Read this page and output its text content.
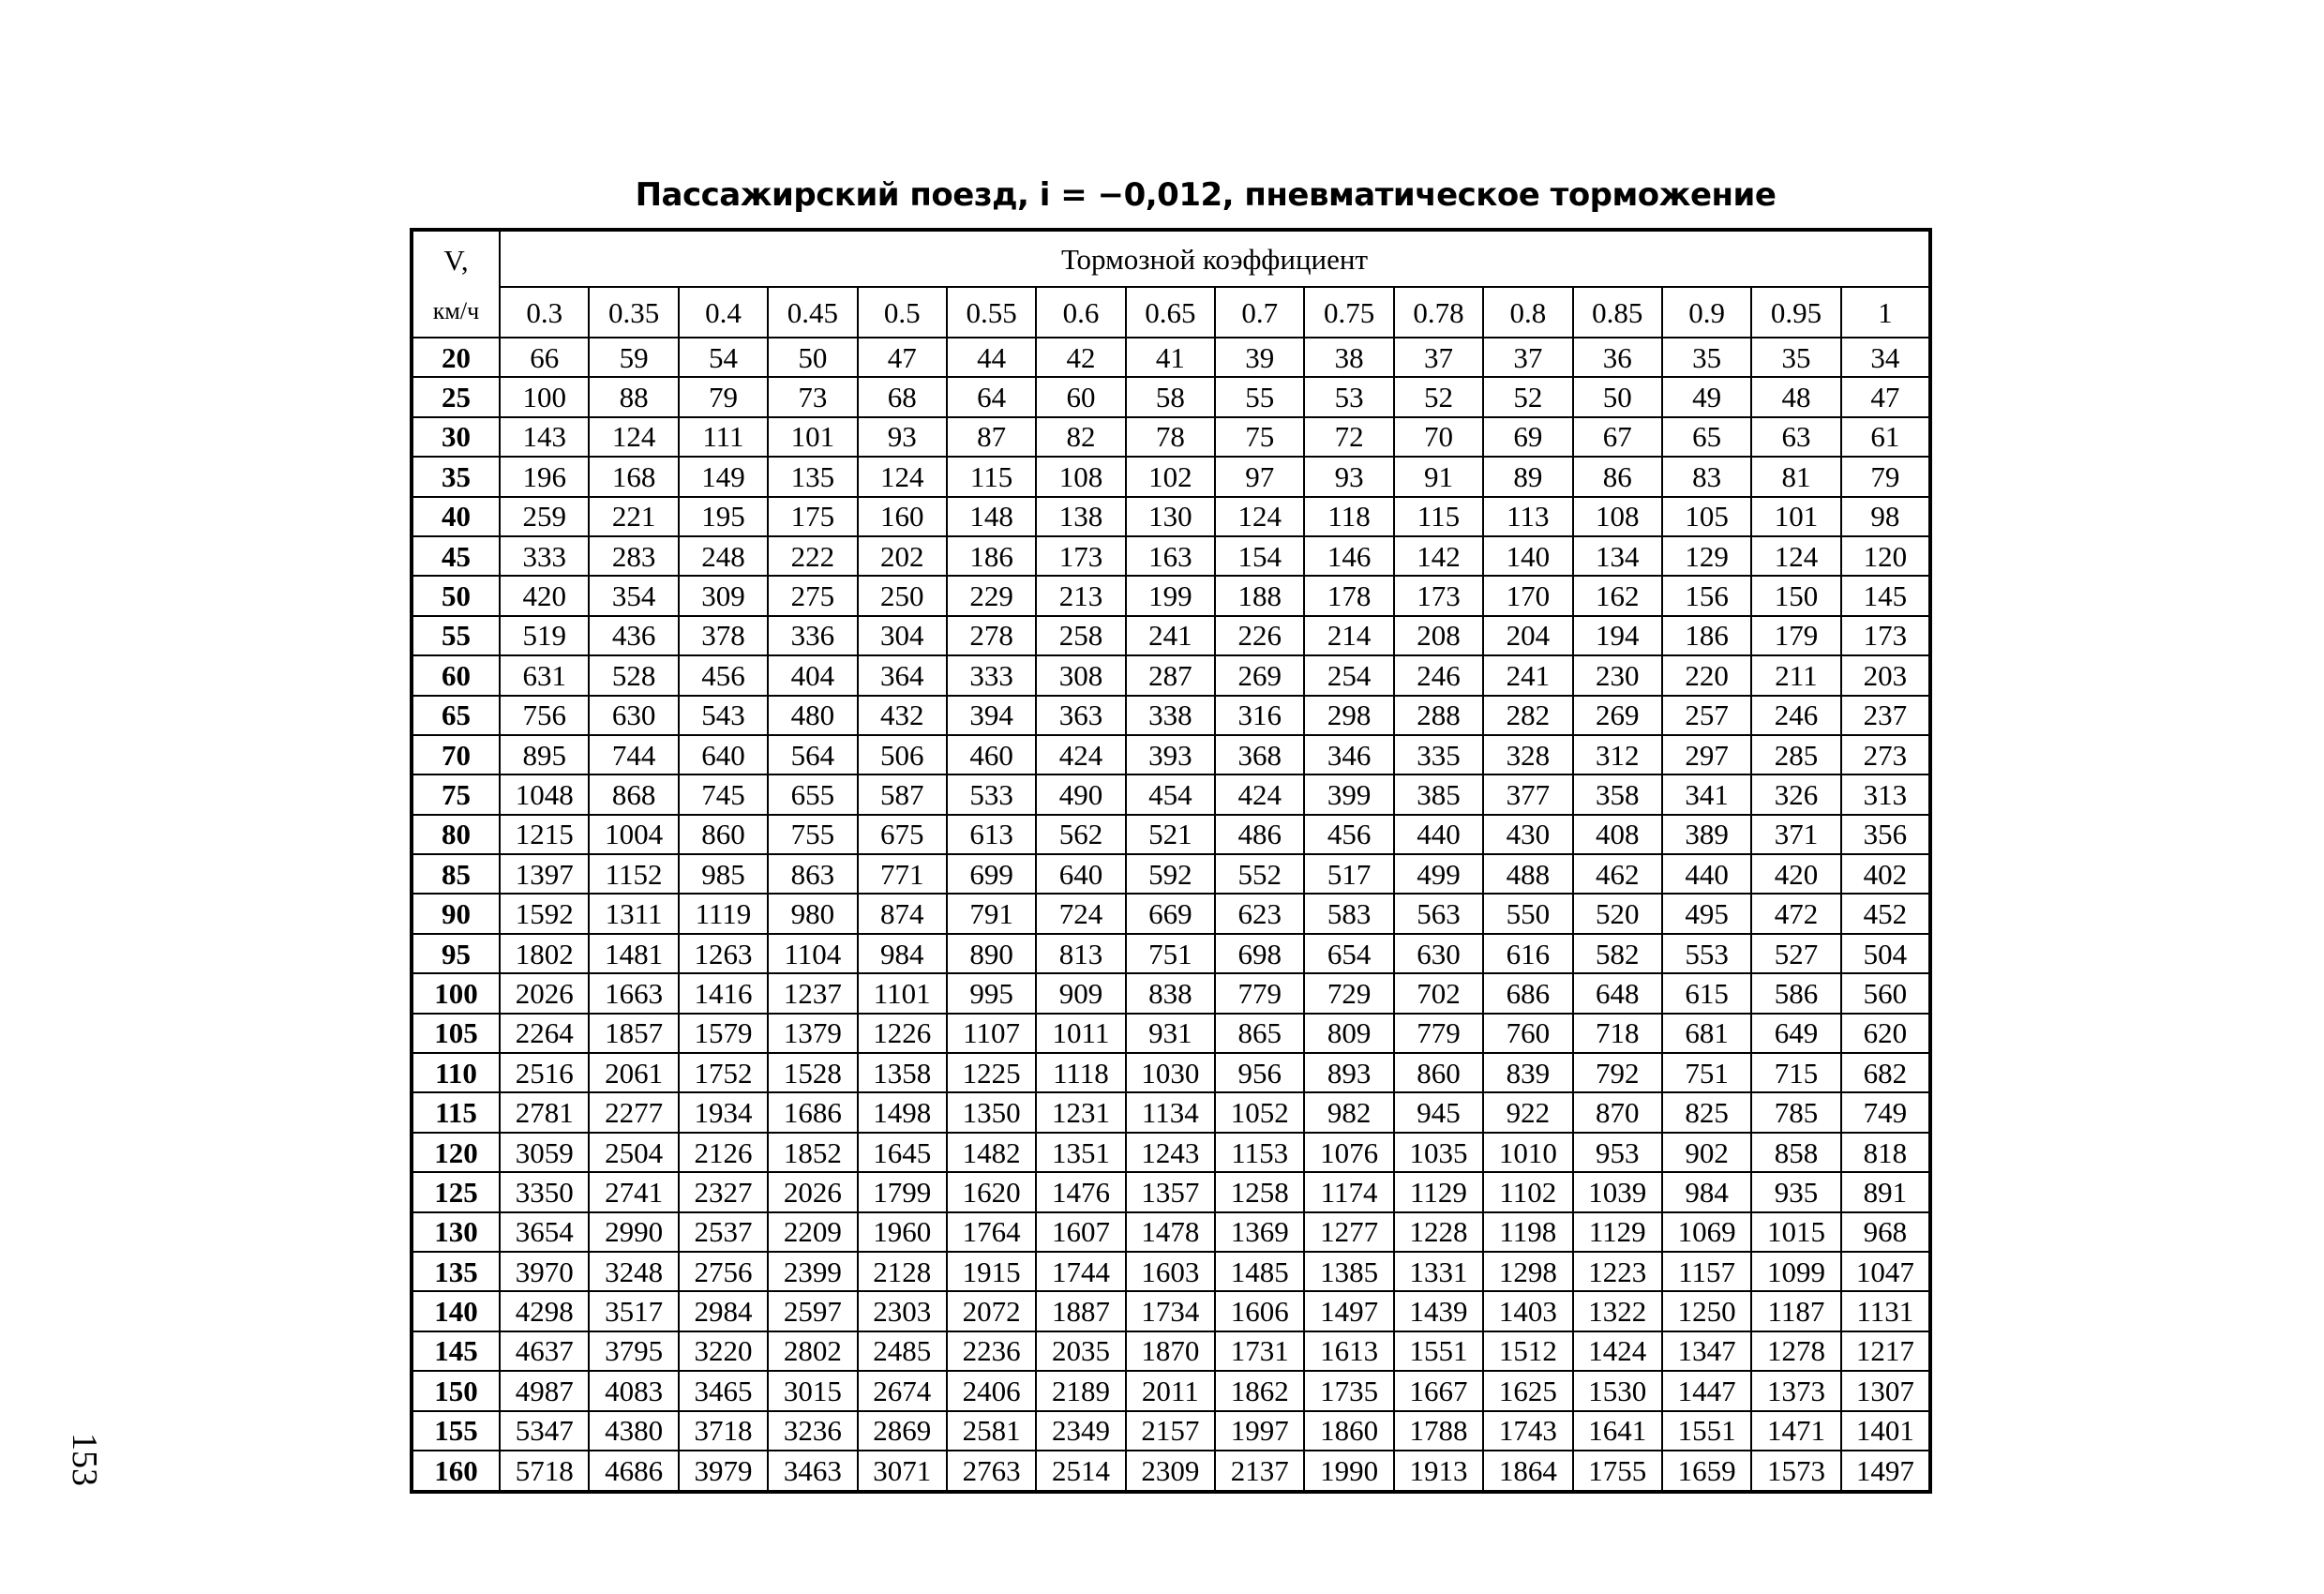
Пассажирский поезд, i = −0,012, пневматическое торможение
V,
км/ч	Тормозной коэффициент															
	0.3	0.35	0.4	0.45	0.5	0.55	0.6	0.65	0.7	0.75	0.78	0.8	0.85	0.9	0.95	1
20	66	59	54	50	47	44	42	41	39	38	37	37	36	35	35	34
25	100	88	79	73	68	64	60	58	55	53	52	52	50	49	48	47
30	143	124	111	101	93	87	82	78	75	72	70	69	67	65	63	61
35	196	168	149	135	124	115	108	102	97	93	91	89	86	83	81	79
40	259	221	195	175	160	148	138	130	124	118	115	113	108	105	101	98
45	333	283	248	222	202	186	173	163	154	146	142	140	134	129	124	120
50	420	354	309	275	250	229	213	199	188	178	173	170	162	156	150	145
55	519	436	378	336	304	278	258	241	226	214	208	204	194	186	179	173
60	631	528	456	404	364	333	308	287	269	254	246	241	230	220	211	203
65	756	630	543	480	432	394	363	338	316	298	288	282	269	257	246	237
70	895	744	640	564	506	460	424	393	368	346	335	328	312	297	285	273
75	1048	868	745	655	587	533	490	454	424	399	385	377	358	341	326	313
80	1215	1004	860	755	675	613	562	521	486	456	440	430	408	389	371	356
85	1397	1152	985	863	771	699	640	592	552	517	499	488	462	440	420	402
90	1592	1311	1119	980	874	791	724	669	623	583	563	550	520	495	472	452
95	1802	1481	1263	1104	984	890	813	751	698	654	630	616	582	553	527	504
100	2026	1663	1416	1237	1101	995	909	838	779	729	702	686	648	615	586	560
105	2264	1857	1579	1379	1226	1107	1011	931	865	809	779	760	718	681	649	620
110	2516	2061	1752	1528	1358	1225	1118	1030	956	893	860	839	792	751	715	682
115	2781	2277	1934	1686	1498	1350	1231	1134	1052	982	945	922	870	825	785	749
120	3059	2504	2126	1852	1645	1482	1351	1243	1153	1076	1035	1010	953	902	858	818
125	3350	2741	2327	2026	1799	1620	1476	1357	1258	1174	1129	1102	1039	984	935	891
130	3654	2990	2537	2209	1960	1764	1607	1478	1369	1277	1228	1198	1129	1069	1015	968
135	3970	3248	2756	2399	2128	1915	1744	1603	1485	1385	1331	1298	1223	1157	1099	1047
140	4298	3517	2984	2597	2303	2072	1887	1734	1606	1497	1439	1403	1322	1250	1187	1131
145	4637	3795	3220	2802	2485	2236	2035	1870	1731	1613	1551	1512	1424	1347	1278	1217
150	4987	4083	3465	3015	2674	2406	2189	2011	1862	1735	1667	1625	1530	1447	1373	1307
155	5347	4380	3718	3236	2869	2581	2349	2157	1997	1860	1788	1743	1641	1551	1471	1401
160	5718	4686	3979	3463	3071	2763	2514	2309	2137	1990	1913	1864	1755	1659	1573	1497
153
